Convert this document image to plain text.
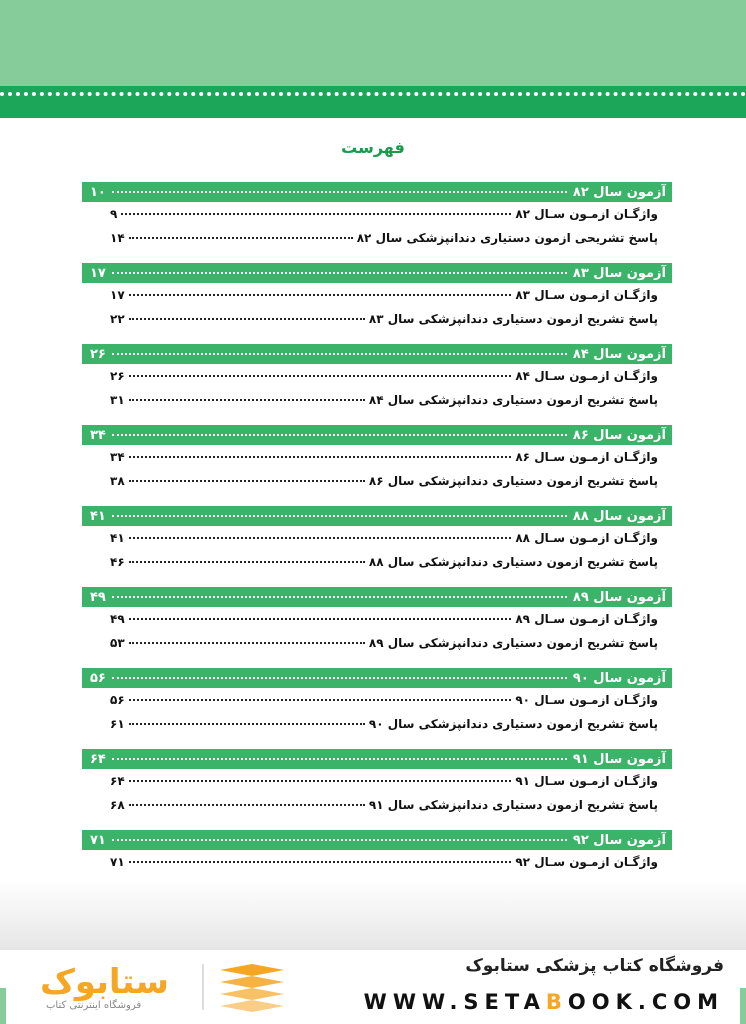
فهرست
آزمون سال ۸۲
۱۰
واژگـان ازمـون سـال ۸۲
۹
پاسخ تشریحی ازمون دستیاری دندانپزشکی سال ۸۲
۱۴
آزمون سال ۸۳
۱۷
واژگـان ازمـون سـال ۸۳
۱۷
پاسخ تشریح ازمون دستیاری دندانپزشکی سال ۸۳
۲۲
آزمون سال ۸۴
۲۶
واژگـان ازمـون سـال ۸۴
۲۶
پاسخ تشریح ازمون دستیاری دندانپزشکی سال ۸۴
۳۱
آزمون سال ۸۶
۳۴
واژگـان ازمـون سـال ۸۶
۳۴
پاسخ تشریح ازمون دستیاری دندانپزشکی سال ۸۶
۳۸
آزمون سال ۸۸
۴۱
واژگـان ازمـون سـال ۸۸
۴۱
پاسخ تشریح ازمون دستیاری دندانپزشکی سال ۸۸
۴۶
آزمون سال ۸۹
۴۹
واژگـان ازمـون سـال ۸۹
۴۹
پاسخ تشریح ازمون دستیاری دندانپزشکی سال ۸۹
۵۳
آزمون سال ۹۰
۵۶
واژگـان ازمـون سـال ۹۰
۵۶
پاسخ تشریح ازمون دستیاری دندانپزشکی سال ۹۰
۶۱
آزمون سال ۹۱
۶۴
واژگـان ازمـون سـال ۹۱
۶۴
پاسخ تشریح ازمون دستیاری دندانپزشکی سال ۹۱
۶۸
آزمون سال ۹۲
۷۱
واژگـان ازمـون سـال ۹۲
۷۱
فروشگاه کتاب پزشکی ستابوک
WWW.SETABOOK.COM
ستابوک
فروشگاه اینترنتی کتاب
